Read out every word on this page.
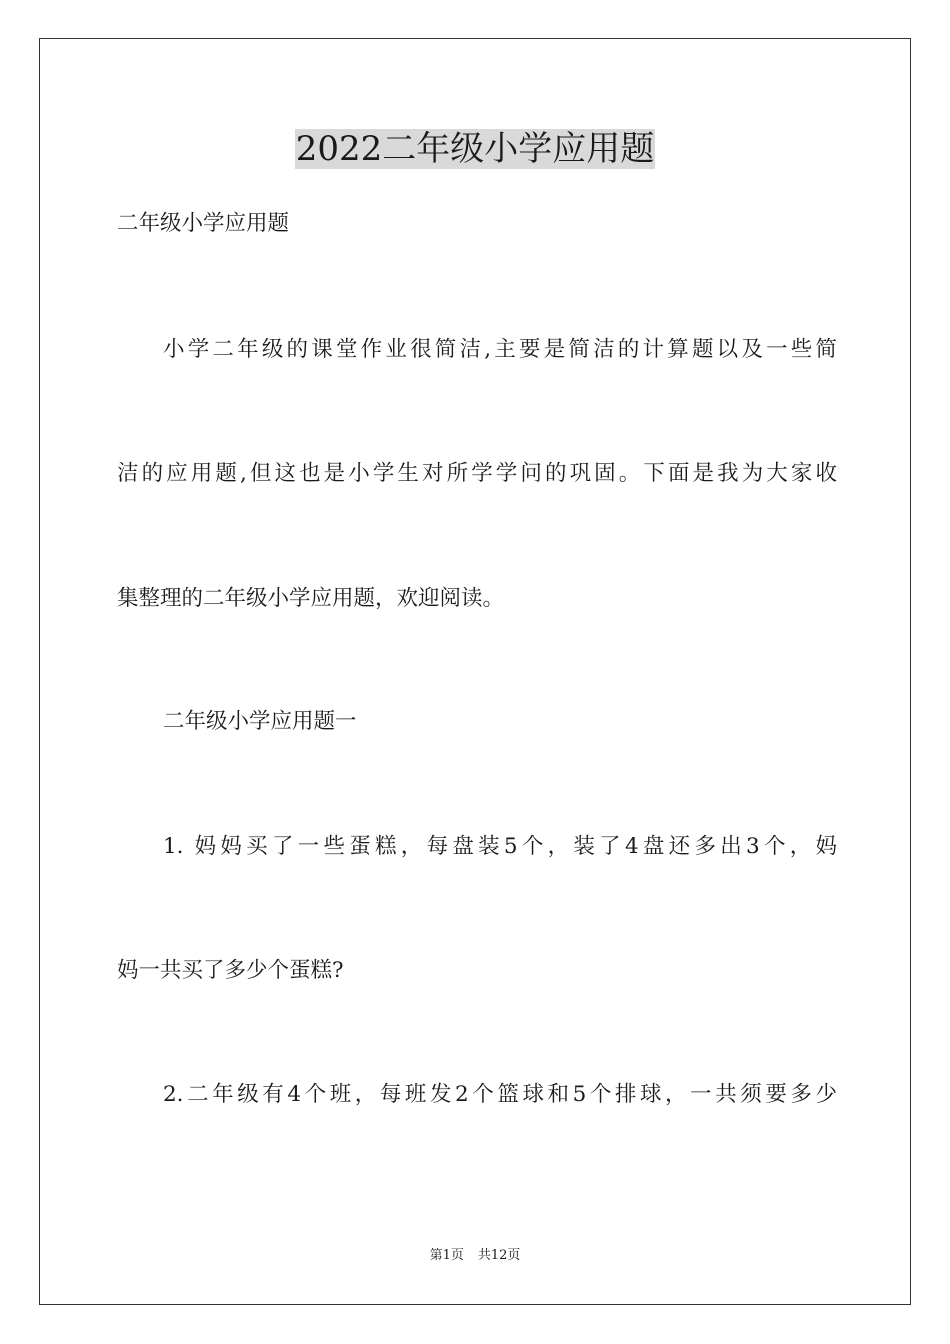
2022二年级小学应用题
二年级小学应用题
小学二年级的课堂作业很简洁,主要是简洁的计算题以及一些简
洁的应用题,但这也是小学生对所学学问的巩固。下面是我为大家收
集整理的二年级小学应用题，欢迎阅读。
二年级小学应用题一
1. 妈妈买了一些蛋糕，每盘装5个，装了4盘还多出3个，妈
妈一共买了多少个蛋糕?
2.二年级有4个班，每班发2个篮球和5个排球，一共须要多少
第1页 共12页
